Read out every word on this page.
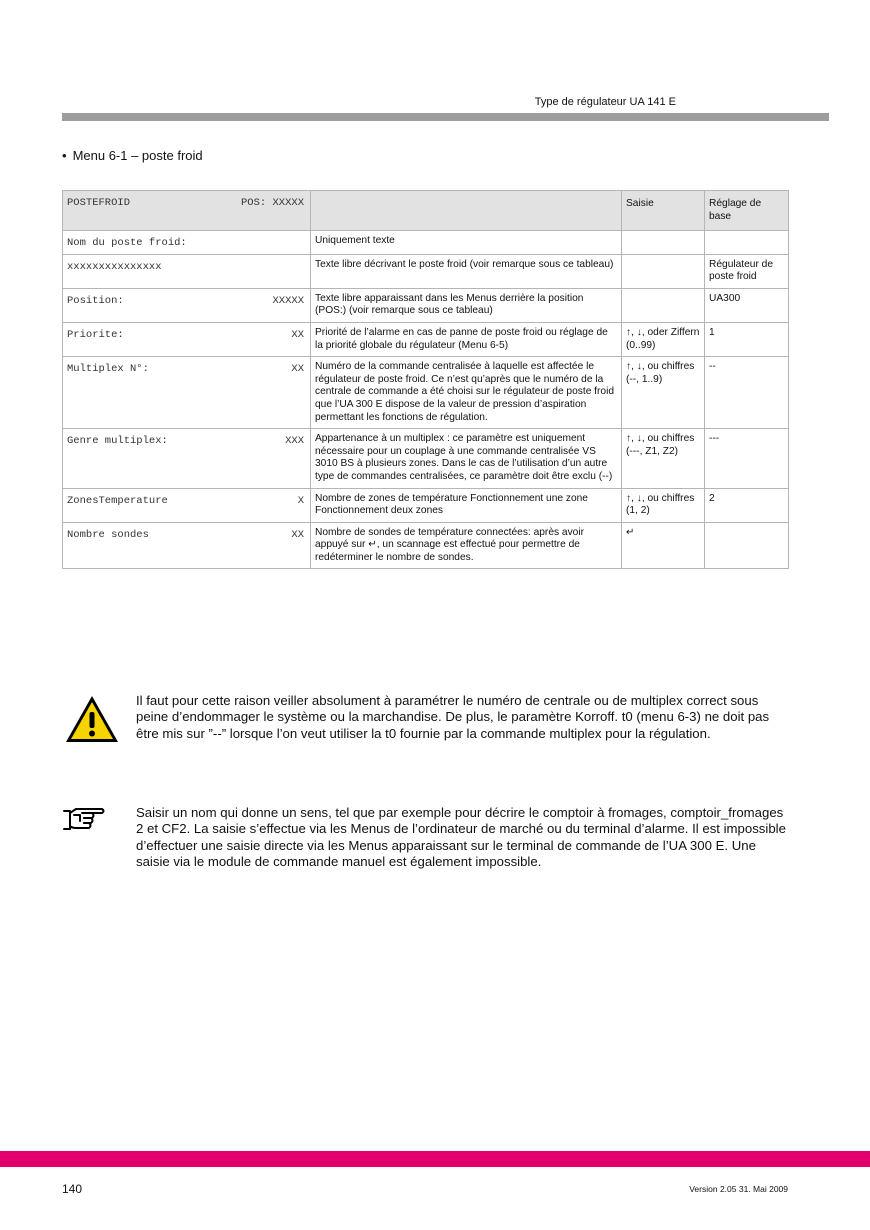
Type de régulateur UA 141 E
• Menu 6-1 – poste froid
POSTEFROID	POS: XXXXX		Saisie	Réglage de base

Nom du poste froid:	Uniquement texte		

xxxxxxxxxxxxxxx	Texte libre décrivant le poste froid (voir remarque sous ce tableau)		Régulateur de poste froid

Position:	XXXXX	Texte libre apparaissant dans les Menus derrière la position (POS:) (voir remarque sous ce tableau)		UA300

Priorite:	XX	Priorité de l’alarme en cas de panne de poste froid ou réglage de la priorité globale du régulateur (Menu 6-5)	↑, ↓, oder Ziffern (0..99)	1

Multiplex N°:	XX	Numéro de la commande centralisée à laquelle est affectée le régulateur de poste froid. Ce n’est qu’après que le numéro de la centrale de commande a été choisi sur le régulateur de poste froid que l’UA 300 E dispose de la valeur de pression d’aspiration permettant les fonctions de régulation.	↑, ↓, ou chiffres (--, 1..9)	--

Genre multiplex:	XXX	Appartenance à un multiplex : ce paramètre est uniquement nécessaire pour un couplage à une commande centralisée VS 3010 BS à plusieurs zones. Dans le cas de l’utilisation d’un autre type de commandes centralisées, ce paramètre doit être exclu (--)	↑, ↓, ou chiffres (---, Z1, Z2)	---

ZonesTemperature	X	Nombre de zones de température Fonctionnement une zone Fonctionnement deux zones	↑, ↓, ou chiffres (1, 2)	2

Nombre sondes	XX	Nombre de sondes de température connectées: après avoir appuyé sur ↵, un scannage est effectué pour permettre de redéterminer le nombre de sondes.	↵	
Il faut pour cette raison veiller absolument à paramétrer le numéro de centrale ou de multiplex correct sous peine d’endommager le système ou la marchandise. De plus, le paramètre Korroff. t0 (menu 6-3) ne doit pas être mis sur ”--” lorsque l’on veut utiliser la t0 fournie par la commande multiplex pour la régulation.
Saisir un nom qui donne un sens, tel que par exemple pour décrire le comptoir à fromages, comptoir_fromages 2 et CF2. La saisie s’effectue via les Menus de l’ordinateur de marché ou du terminal d’alarme. Il est impossible d’effectuer une saisie directe via les Menus apparaissant sur le terminal de commande de l’UA 300 E. Une saisie via le module de commande manuel est également impossible.
140	Version 2.05 31. Mai 2009
